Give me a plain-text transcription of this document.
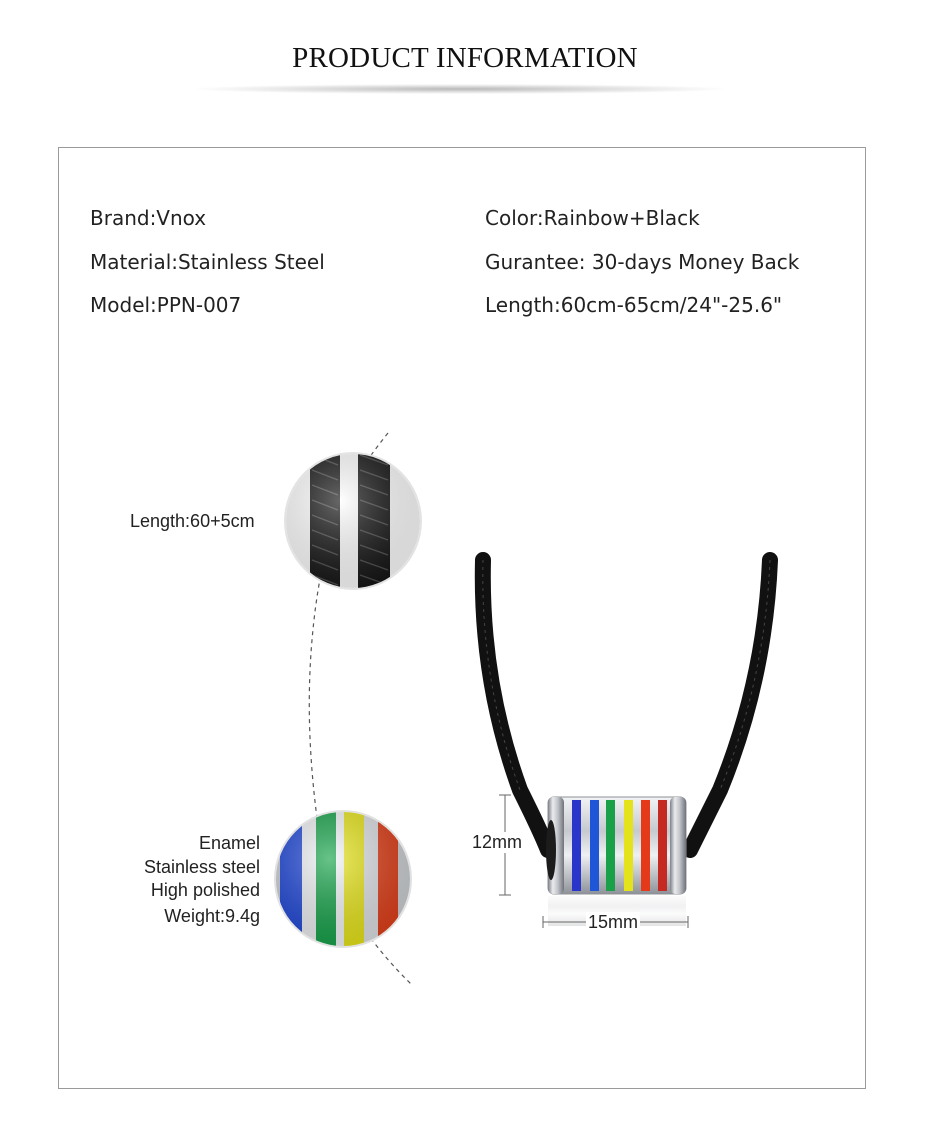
PRODUCT INFORMATION
Brand:Vnox
Material:Stainless Steel
Model:PPN-007
Color:Rainbow+Black
Gurantee: 30-days Money Back
Length:60cm-65cm/24"-25.6"
Length:60+5cm
Enamel
Stainless steel
High polished
Weight:9.4g
12mm
15mm
